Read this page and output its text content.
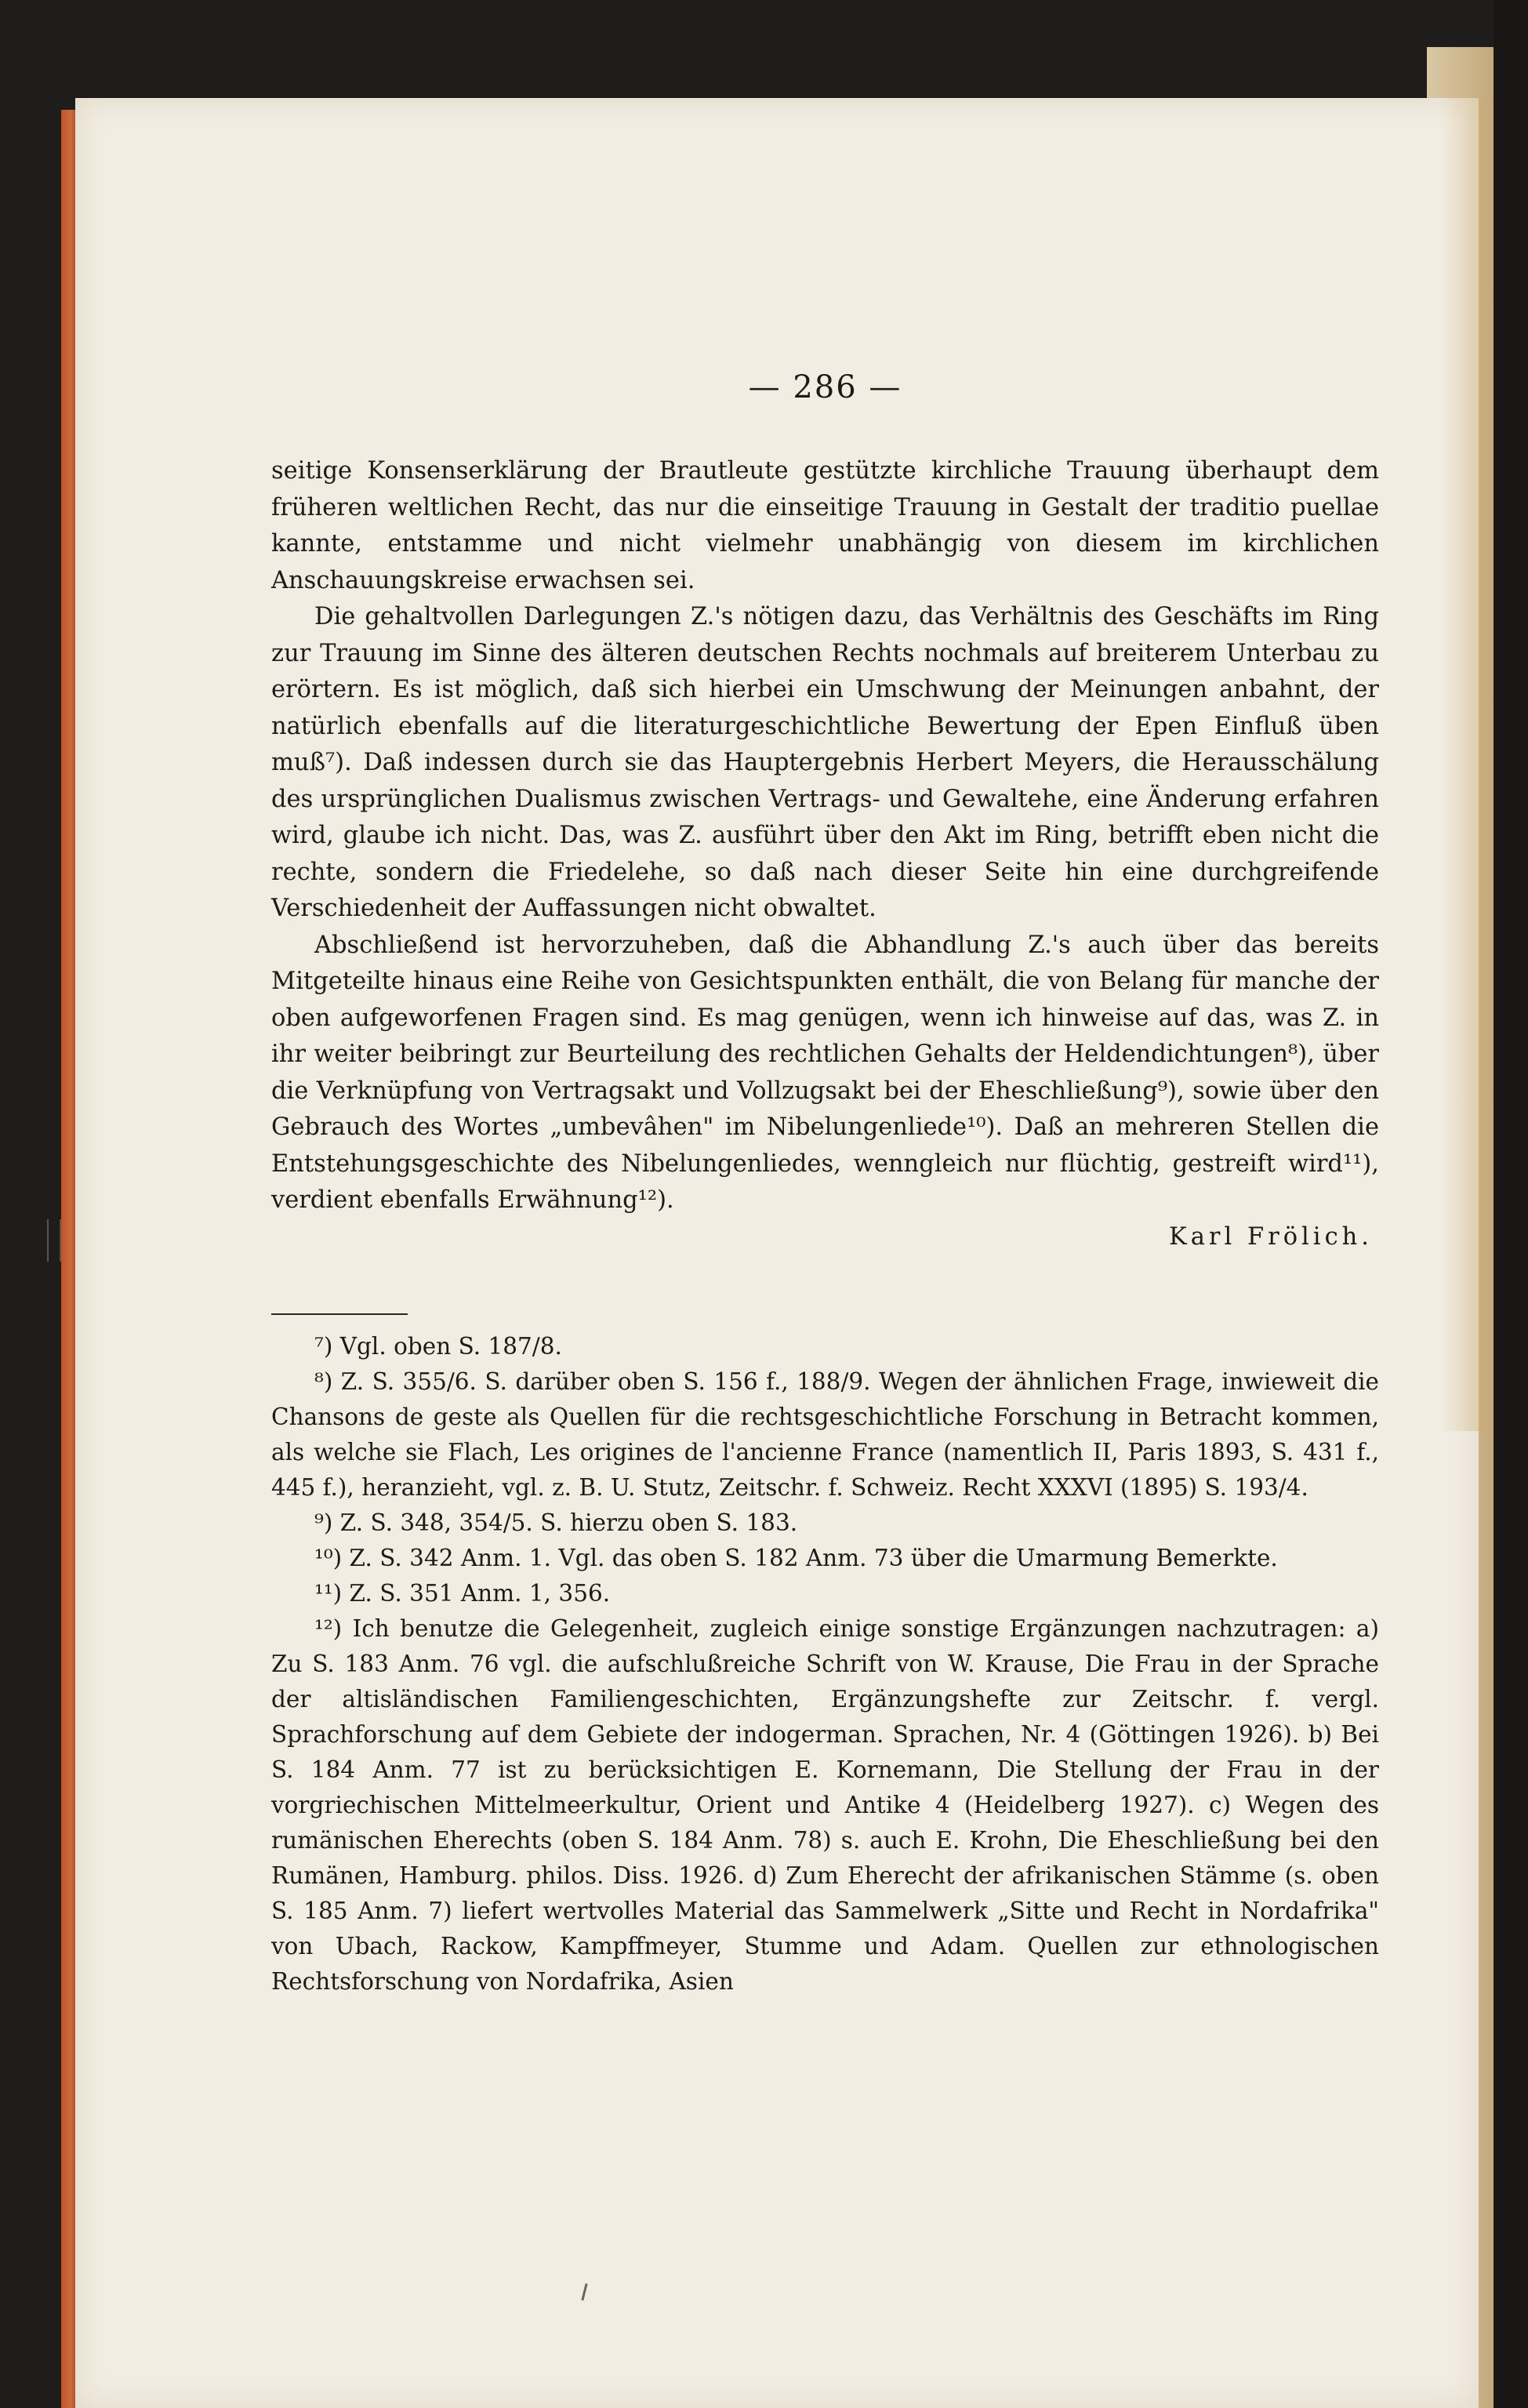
— 286 —

seitige Konsenserklärung der Brautleute gestützte kirchliche Trauung überhaupt dem früheren weltlichen Recht, das nur die einseitige Trauung in Gestalt der traditio puellae kannte, entstamme und nicht vielmehr unabhängig von diesem im kirchlichen Anschauungskreise erwachsen sei.

Die gehaltvollen Darlegungen Z.'s nötigen dazu, das Verhältnis des Geschäfts im Ring zur Trauung im Sinne des älteren deutschen Rechts nochmals auf breiterem Unterbau zu erörtern. Es ist möglich, daß sich hierbei ein Umschwung der Meinungen anbahnt, der natürlich ebenfalls auf die literaturgeschichtliche Bewertung der Epen Einfluß üben muß⁷). Daß indessen durch sie das Hauptergebnis Herbert Meyers, die Herausschälung des ursprünglichen Dualismus zwischen Vertrags- und Gewaltehe, eine Änderung erfahren wird, glaube ich nicht. Das, was Z. ausführt über den Akt im Ring, betrifft eben nicht die rechte, sondern die Friedelehe, so daß nach dieser Seite hin eine durchgreifende Verschiedenheit der Auffassungen nicht obwaltet.

Abschließend ist hervorzuheben, daß die Abhandlung Z.'s auch über das bereits Mitgeteilte hinaus eine Reihe von Gesichtspunkten enthält, die von Belang für manche der oben aufgeworfenen Fragen sind. Es mag genügen, wenn ich hinweise auf das, was Z. in ihr weiter beibringt zur Beurteilung des rechtlichen Gehalts der Heldendichtungen⁸), über die Verknüpfung von Vertragsakt und Vollzugsakt bei der Eheschließung⁹), sowie über den Gebrauch des Wortes „umbevâhen" im Nibelungenliede¹⁰). Daß an mehreren Stellen die Entstehungsgeschichte des Nibelungenliedes, wenngleich nur flüchtig, gestreift wird¹¹), verdient ebenfalls Erwähnung¹²).

Karl Frölich.

⁷) Vgl. oben S. 187/8.

⁸) Z. S. 355/6. S. darüber oben S. 156 f., 188/9. Wegen der ähnlichen Frage, inwieweit die Chansons de geste als Quellen für die rechtsgeschichtliche Forschung in Betracht kommen, als welche sie Flach, Les origines de l'ancienne France (namentlich II, Paris 1893, S. 431 f., 445 f.), heranzieht, vgl. z. B. U. Stutz, Zeitschr. f. Schweiz. Recht XXXVI (1895) S. 193/4.

⁹) Z. S. 348, 354/5. S. hierzu oben S. 183.

¹⁰) Z. S. 342 Anm. 1. Vgl. das oben S. 182 Anm. 73 über die Umarmung Bemerkte.

¹¹) Z. S. 351 Anm. 1, 356.

¹²) Ich benutze die Gelegenheit, zugleich einige sonstige Ergänzungen nachzutragen: a) Zu S. 183 Anm. 76 vgl. die aufschlußreiche Schrift von W. Krause, Die Frau in der Sprache der altisländischen Familiengeschichten, Ergänzungshefte zur Zeitschr. f. vergl. Sprachforschung auf dem Gebiete der indogerman. Sprachen, Nr. 4 (Göttingen 1926). b) Bei S. 184 Anm. 77 ist zu berücksichtigen E. Kornemann, Die Stellung der Frau in der vorgriechischen Mittelmeerkultur, Orient und Antike 4 (Heidelberg 1927). c) Wegen des rumänischen Eherechts (oben S. 184 Anm. 78) s. auch E. Krohn, Die Eheschließung bei den Rumänen, Hamburg. philos. Diss. 1926. d) Zum Eherecht der afrikanischen Stämme (s. oben S. 185 Anm. 7) liefert wertvolles Material das Sammelwerk „Sitte und Recht in Nordafrika" von Ubach, Rackow, Kampffmeyer, Stumme und Adam. Quellen zur ethnologischen Rechtsforschung von Nordafrika, Asien
